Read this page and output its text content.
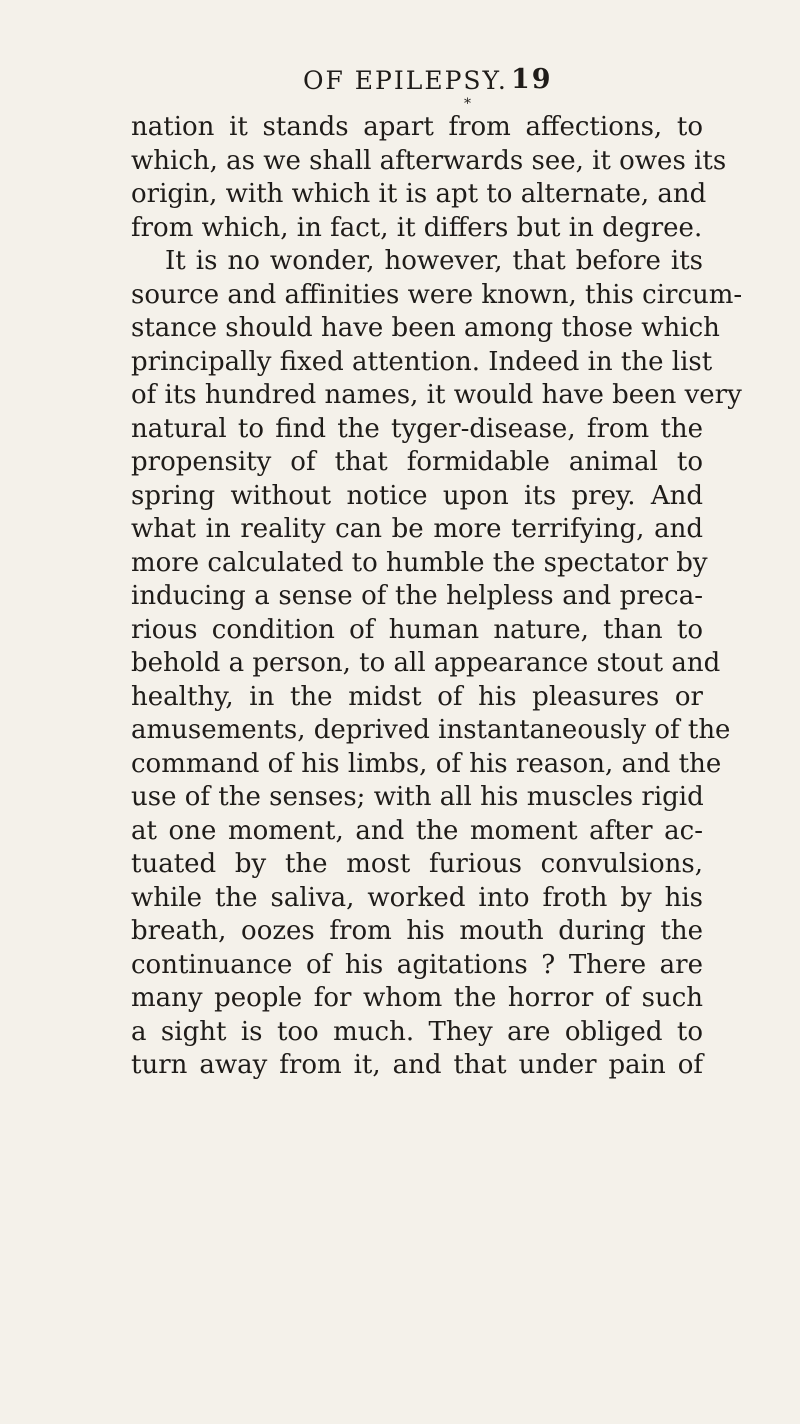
OF EPILEPSY. 19
*
nation it stands apart from affections, to
which, as we shall afterwards see, it owes its
origin, with which it is apt to alternate, and
from which, in fact, it differs but in degree.
It is no wonder, however, that before its
source and affinities were known, this circum-
stance should have been among those which
principally fixed attention. Indeed in the list
of its hundred names, it would have been very
natural to find the tyger-disease, from the
propensity of that formidable animal to
spring without notice upon its prey. And
what in reality can be more terrifying, and
more calculated to humble the spectator by
inducing a sense of the helpless and preca-
rious condition of human nature, than to
behold a person, to all appearance stout and
healthy, in the midst of his pleasures or
amusements, deprived instantaneously of the
command of his limbs, of his reason, and the
use of the senses; with all his muscles rigid
at one moment, and the moment after ac-
tuated by the most furious convulsions,
while the saliva, worked into froth by his
breath, oozes from his mouth during the
continuance of his agitations ? There are
many people for whom the horror of such
a sight is too much. They are obliged to
turn away from it, and that under pain of
